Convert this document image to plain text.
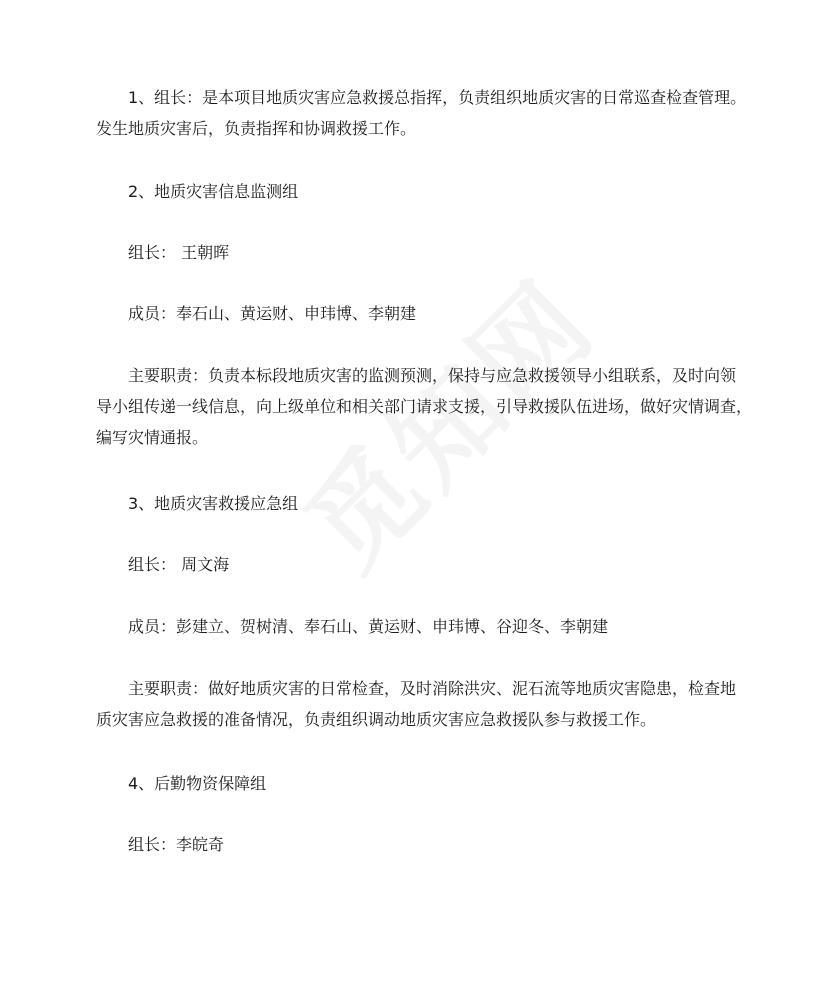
1、组长：是本项目地质灾害应急救援总指挥，负责组织地质灾害的日常巡查检查管理。
发生地质灾害后，负责指挥和协调救援工作。
2、地质灾害信息监测组
组长： 王朝晖
成员：奉石山、黄运财、申玮博、李朝建
主要职责：负责本标段地质灾害的监测预测，保持与应急救援领导小组联系，及时向领
导小组传递一线信息，向上级单位和相关部门请求支援，引导救援队伍进场，做好灾情调查，
编写灾情通报。
3、地质灾害救援应急组
组长： 周文海
成员：彭建立、贺树清、奉石山、黄运财、申玮博、谷迎冬、李朝建
主要职责：做好地质灾害的日常检查，及时消除洪灾、泥石流等地质灾害隐患，检查地
质灾害应急救援的准备情况，负责组织调动地质灾害应急救援队参与救援工作。
4、后勤物资保障组
组长：李皖奇
